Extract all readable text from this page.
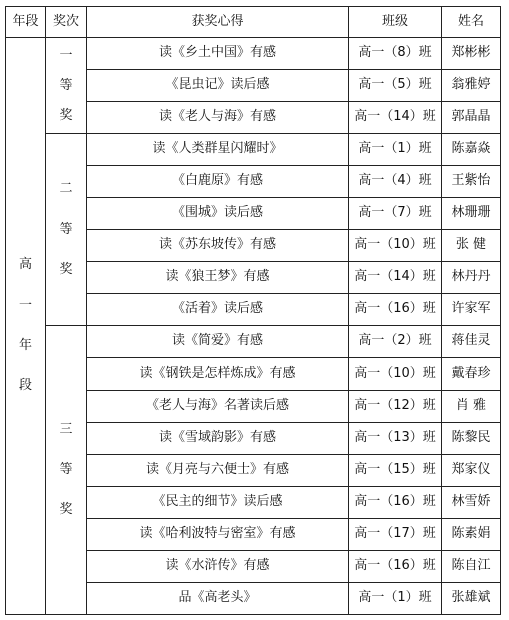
年段	奖次	获奖心得	班级	姓名
高一年段	一等奖	读《乡土中国》有感	高一（8）班	郑彬彬
		《昆虫记》读后感	高一（5）班	翁雅婷
		读《老人与海》有感	高一（14）班	郭晶晶
	二等奖	读《人类群星闪耀时》	高一（1）班	陈嘉焱
		《白鹿原》有感	高一（4）班	王紫怡
		《围城》读后感	高一（7）班	林珊珊
		读《苏东坡传》有感	高一（10）班	张 健
		读《狼王梦》有感	高一（14）班	林丹丹
		《活着》读后感	高一（16）班	许家军
	三等奖	读《简爱》有感	高一（2）班	蒋佳灵
		读《钢铁是怎样炼成》有感	高一（10）班	戴春珍
		《老人与海》名著读后感	高一（12）班	肖 雅
		读《雪域韵影》有感	高一（13）班	陈黎民
		读《月亮与六便士》有感	高一（15）班	郑家仪
		《民主的细节》读后感	高一（16）班	林雪娇
		读《哈利波特与密室》有感	高一（17）班	陈素娟
		读《水浒传》有感	高一（16）班	陈自江
		品《高老头》	高一（1）班	张雄斌
